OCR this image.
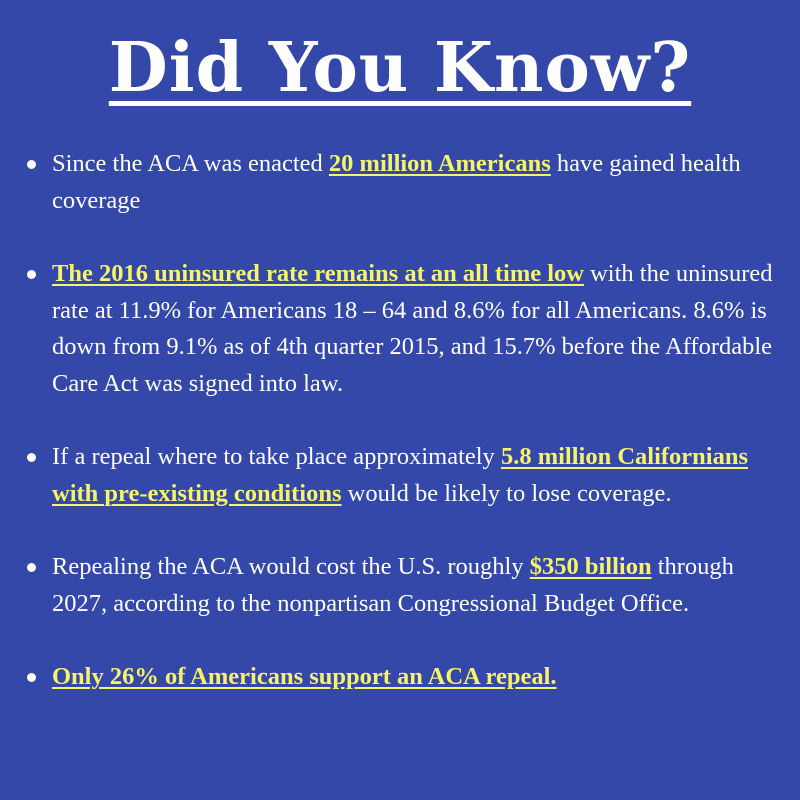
Did You Know?
Since the ACA was enacted 20 million Americans have gained health coverage
The 2016 uninsured rate remains at an all time low with the uninsured rate at 11.9% for Americans 18 – 64 and 8.6% for all Americans. 8.6% is down from 9.1% as of 4th quarter 2015, and 15.7% before the Affordable Care Act was signed into law.
If a repeal where to take place approximately 5.8 million Californians with pre-existing conditions would be likely to lose coverage.
Repealing the ACA would cost the U.S. roughly $350 billion through 2027, according to the nonpartisan Congressional Budget Office.
Only 26% of Americans support an ACA repeal.
